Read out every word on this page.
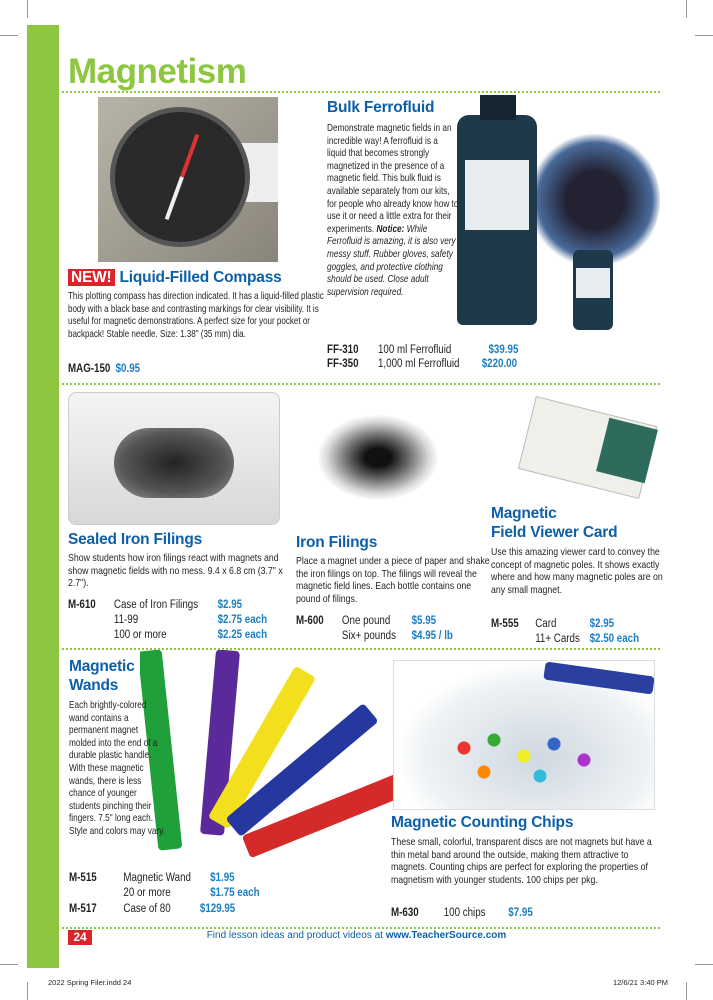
Magnetism
NEW! Liquid-Filled Compass
This plotting compass has direction indicated. It has a liquid-filled plastic body with a black base and contrasting markings for clear visibility. It is useful for magnetic demonstrations. A perfect size for your pocket or backpack! Stable needle. Size: 1.38" (35 mm) dia.
MAG-150 $0.95
Bulk Ferrofluid
Demonstrate magnetic fields in an incredible way! A ferrofluid is a liquid that becomes strongly magnetized in the presence of a magnetic field. This bulk fluid is available separately from our kits, for people who already know how to use it or need a little extra for their experiments. Notice: While Ferrofluid is amazing, it is also very messy stuff. Rubber gloves, safety goggles, and protective clothing should be used. Close adult supervision required.
FF-310 100 ml Ferrofluid	$39.95
FF-350 1,000 ml Ferrofluid $220.00
Sealed Iron Filings
Show students how iron filings react with magnets and show magnetic fields with no mess. 9.4 x 6.8 cm (3.7" x 2.7").
M-610 Case of Iron Filings $2.95
11-99	$2.75 each
100 or more	$2.25 each
Iron Filings
Place a magnet under a piece of paper and shake the iron filings on top. The filings will reveal the magnetic field lines. Each bottle contains one pound of filings.
M-600 One pound $5.95
Six+ pounds $4.95 / lb
Magnetic
Field Viewer Card
Use this amazing viewer card to convey the concept of magnetic poles. It shows exactly where and how many magnetic poles are on any small magnet.
M-555 Card	$2.95
11+ Cards $2.50 each
Magnetic
Wands
Each brightly-colored wand contains a permanent magnet molded into the end of a durable plastic handle. With these magnetic wands, there is less chance of younger students pinching their fingers. 7.5" long each. Style and colors may vary.
M-515 Magnetic Wand $1.95
20 or more	$1.75 each
M-517 Case of 80	$129.95
Magnetic Counting Chips
These small, colorful, transparent discs are not magnets but have a thin metal band around the outside, making them attractive to magnets. Counting chips are perfect for exploring the properties of magnetism with younger students. 100 chips per pkg.
M-630 100 chips $7.95
24	Find lesson ideas and product videos at www.TeacherSource.com
2022 Spring Filer.indd 24	12/6/21 3:40 PM
